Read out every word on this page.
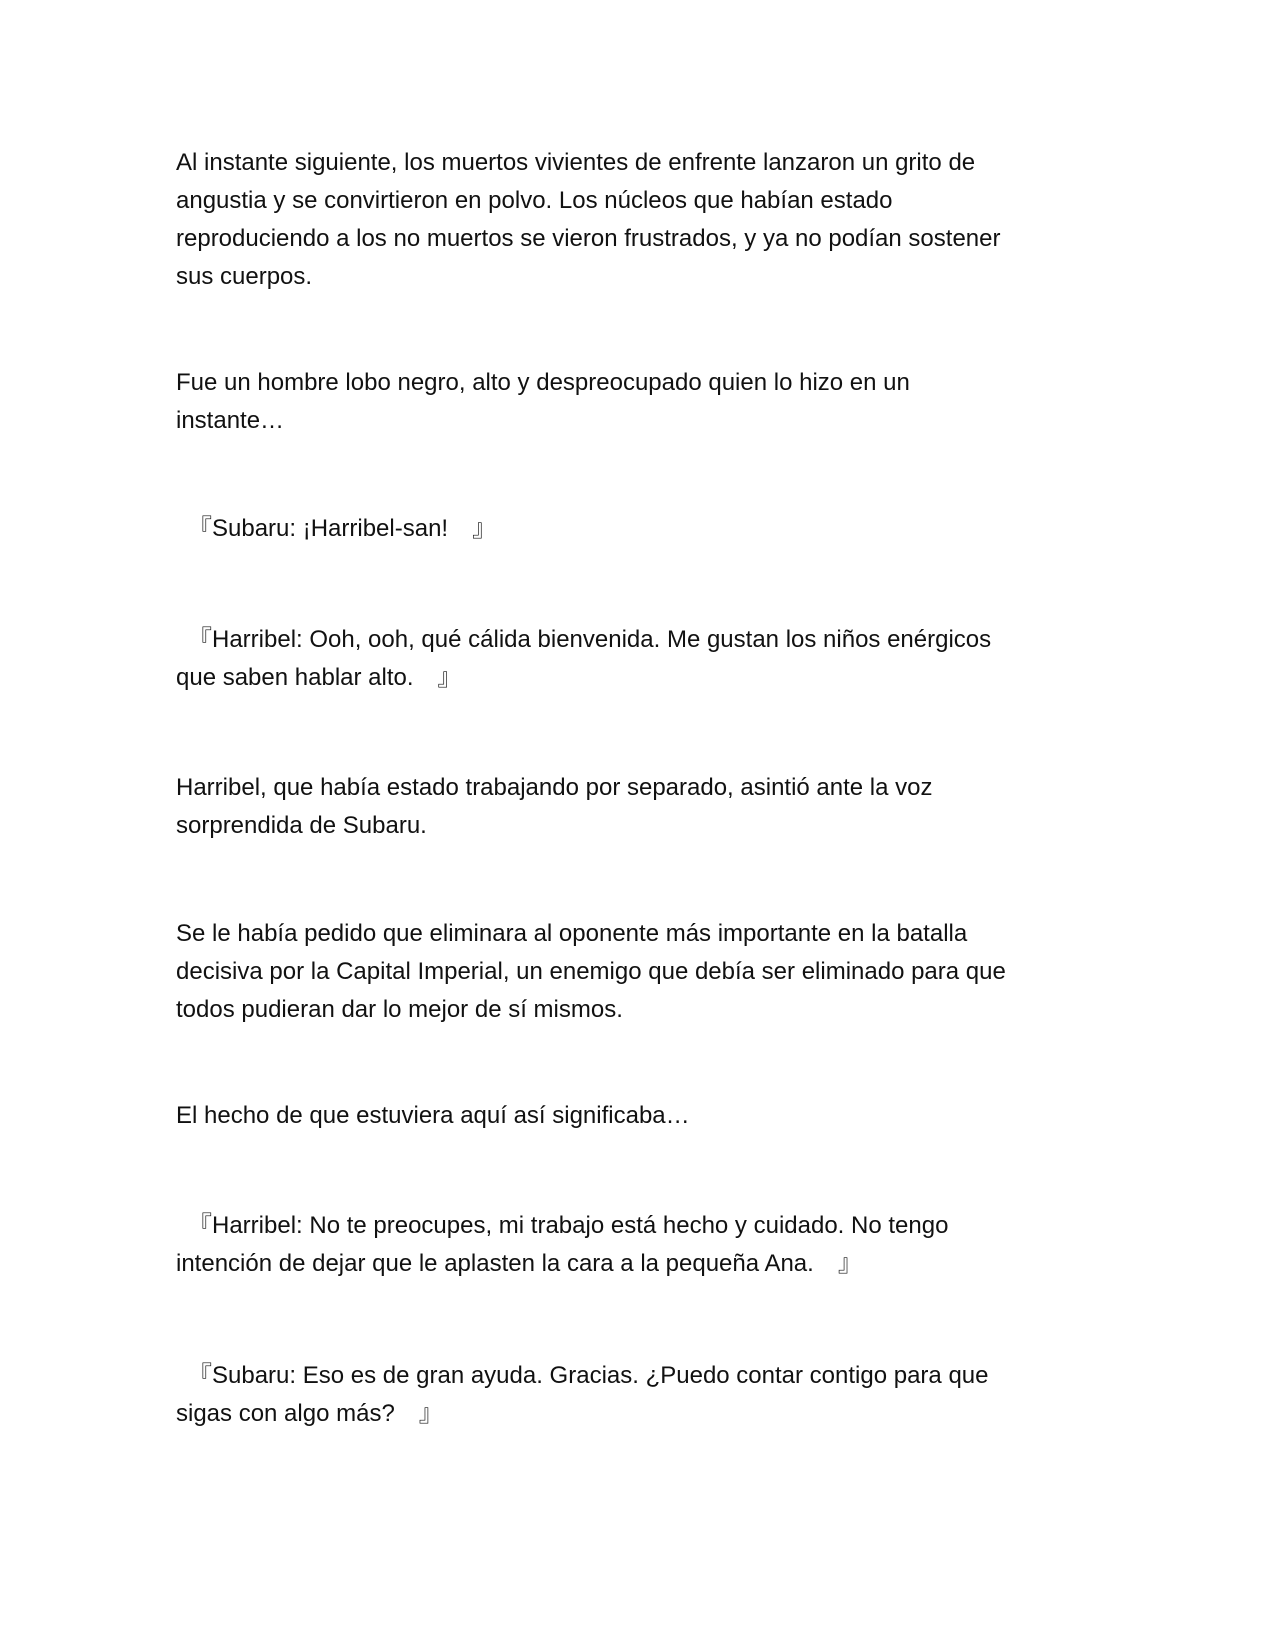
Al instante siguiente, los muertos vivientes de enfrente lanzaron un grito de
angustia y se convirtieron en polvo. Los núcleos que habían estado
reproduciendo a los no muertos se vieron frustrados, y ya no podían sostener
sus cuerpos.

Fue un hombre lobo negro, alto y despreocupado quien lo hizo en un
instante…

　『Subaru: ¡Harribel-san!　』

　『Harribel: Ooh, ooh, qué cálida bienvenida. Me gustan los niños enérgicos
que saben hablar alto.　』

Harribel, que había estado trabajando por separado, asintió ante la voz
sorprendida de Subaru.

Se le había pedido que eliminara al oponente más importante en la batalla
decisiva por la Capital Imperial, un enemigo que debía ser eliminado para que
todos pudieran dar lo mejor de sí mismos.

El hecho de que estuviera aquí así significaba…

　『Harribel: No te preocupes, mi trabajo está hecho y cuidado. No tengo
intención de dejar que le aplasten la cara a la pequeña Ana.　』

　『Subaru: Eso es de gran ayuda. Gracias. ¿Puedo contar contigo para que
sigas con algo más?　』
